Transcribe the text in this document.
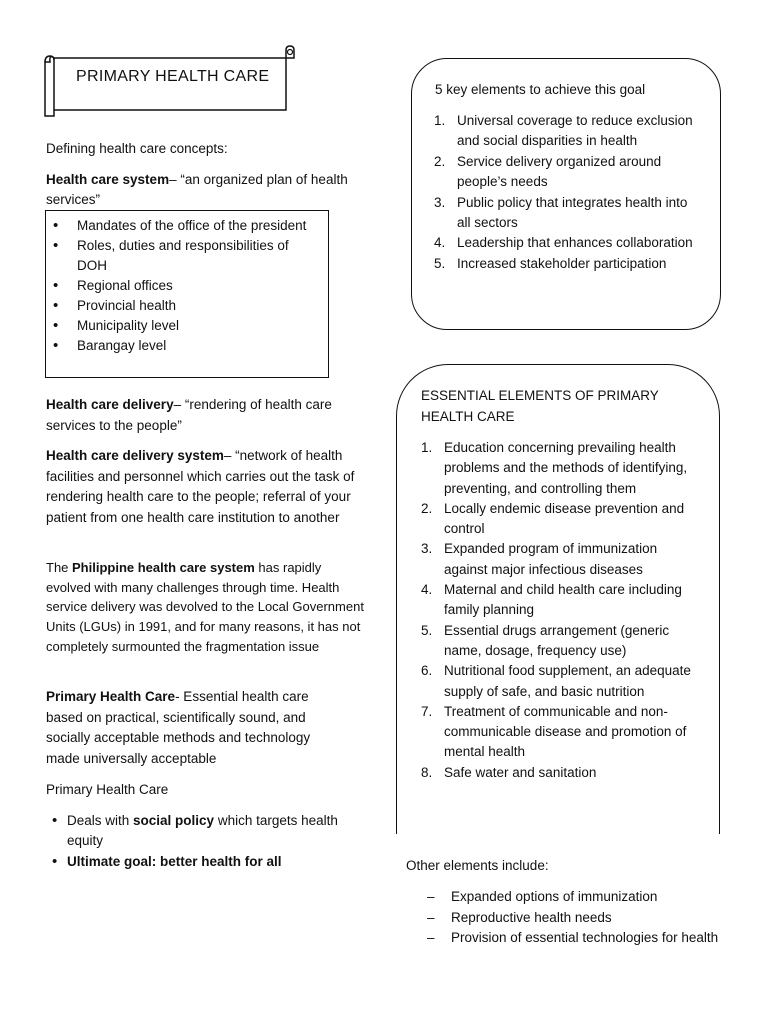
PRIMARY HEALTH CARE

Defining health care concepts:

Health care system– “an organized plan of health services”

• Mandates of the office of the president
• Roles, duties and responsibilities of DOH
• Regional offices
• Provincial health
• Municipality level
• Barangay level

Health care delivery– “rendering of health care services to the people”

Health care delivery system– “network of health facilities and personnel which carries out the task of rendering health care to the people; referral of your patient from one health care institution to another

The Philippine health care system has rapidly evolved with many challenges through time. Health service delivery was devolved to the Local Government Units (LGUs) in 1991, and for many reasons, it has not completely surmounted the fragmentation issue

Primary Health Care- Essential health care based on practical, scientifically sound, and socially acceptable methods and technology made universally acceptable

Primary Health Care

• Deals with social policy which targets health equity
• Ultimate goal: better health for all

5 key elements to achieve this goal

1. Universal coverage to reduce exclusion and social disparities in health
2. Service delivery organized around people’s needs
3. Public policy that integrates health into all sectors
4. Leadership that enhances collaboration
5. Increased stakeholder participation

ESSENTIAL ELEMENTS OF PRIMARY HEALTH CARE

1. Education concerning prevailing health problems and the methods of identifying, preventing, and controlling them
2. Locally endemic disease prevention and control
3. Expanded program of immunization against major infectious diseases
4. Maternal and child health care including family planning
5. Essential drugs arrangement (generic name, dosage, frequency use)
6. Nutritional food supplement, an adequate supply of safe, and basic nutrition
7. Treatment of communicable and non-communicable disease and promotion of mental health
8. Safe water and sanitation

Other elements include:

– Expanded options of immunization
– Reproductive health needs
– Provision of essential technologies for health
